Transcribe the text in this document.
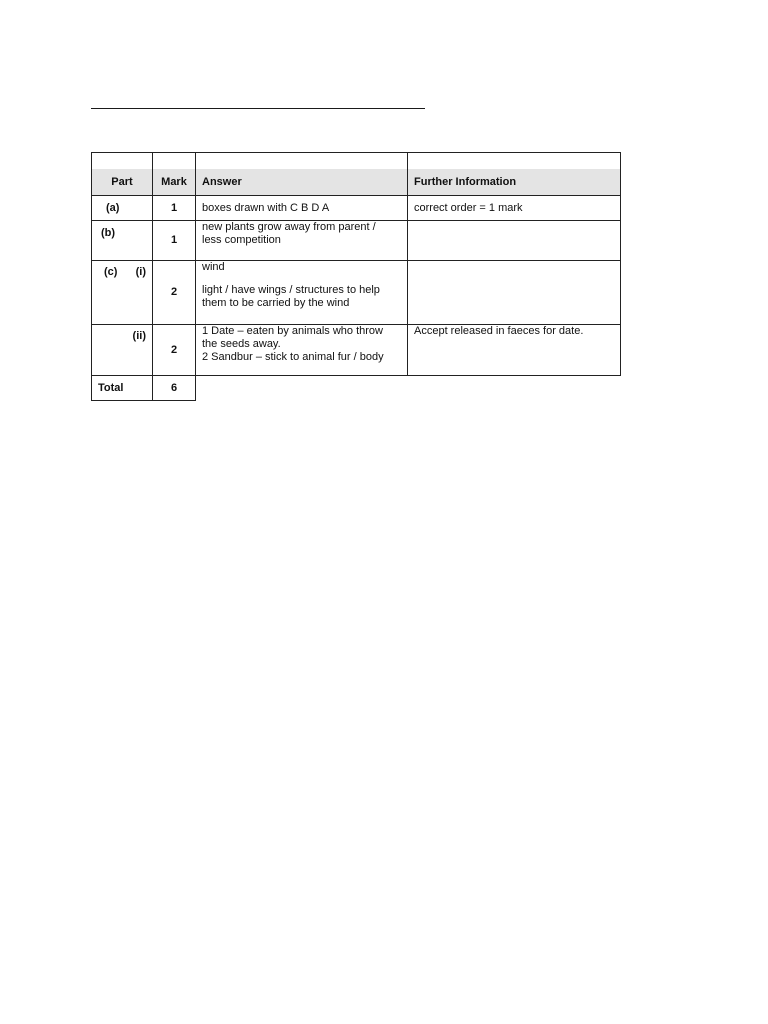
Part	Mark	Answer	Further Information
(a)	1	boxes drawn with C B D A	correct order = 1 mark
(b)	1	new plants grow away from parent /
less competition	

(c) (i)	2	wind
light / have wings / structures to help
them to be carried by the wind	

(ii)	2	1 Date – eaten by animals who throw
the seeds away.
2 Sandbur – stick to animal fur / body	Accept released in faeces for date.
Total	6		
